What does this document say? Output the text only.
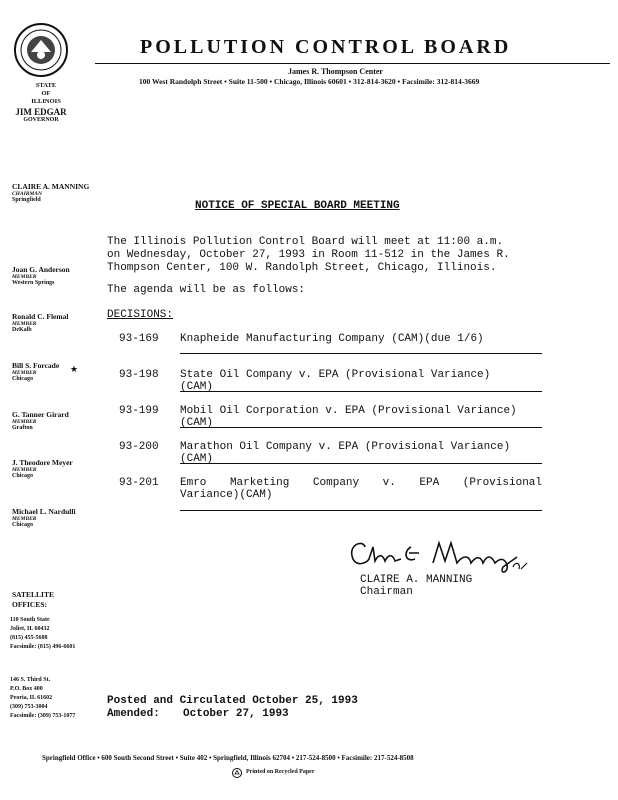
POLLUTION CONTROL BOARD
James R. Thompson Center
100 West Randolph Street • Suite 11-500 • Chicago, Illinois 60601 • 312-814-3620 • Facsimile: 312-814-3669
STATE
OF
ILLINOIS
JIM EDGAR
GOVERNOR
CLAIRE A. MANNING
CHAIRMAN
Springfield
Joan G. Anderson
MEMBER
Western Springs
Ronald C. Flemal
MEMBER
DeKalb
★
Bill S. Forcade
MEMBER
Chicago
G. Tanner Girard
MEMBER
Grafton
J. Theodore Meyer
MEMBER
Chicago
Michael L. Nardulli
MEMBER
Chicago
NOTICE OF SPECIAL BOARD MEETING
The Illinois Pollution Control Board will meet at 11:00 a.m.
on Wednesday, October 27, 1993 in Room 11-512 in the James R.
Thompson Center, 100 W. Randolph Street, Chicago, Illinois.
The agenda will be as follows:
DECISIONS:
93-169 Knapheide Manufacturing Company (CAM)(due 1/6)
93-198 State Oil Company v. EPA (Provisional Variance)
(CAM)
93-199 Mobil Oil Corporation v. EPA (Provisional Variance)
(CAM)
93-200 Marathon Oil Company v. EPA (Provisional Variance)
(CAM)
93-201 Emro Marketing Company v. EPA (Provisional
Variance)(CAM)
CLAIRE A. MANNING
Chairman
SATELLITE
OFFICES:
110 South State
Joliet, IL 60432
(815) 455-5688
Facsimile: (815) 496-6601
146 S. Third St.
P.O. Box 400
Peoria, IL 61602
(309) 753-3004
Facsimile: (309) 753-1077
Posted and Circulated October 25, 1993
Amended: October 27, 1993
Springfield Office • 600 South Second Street • Suite 402 • Springfield, Illinois 62704 • 217-524-8500 • Facsimile: 217-524-8508
Printed on Recycled Paper
